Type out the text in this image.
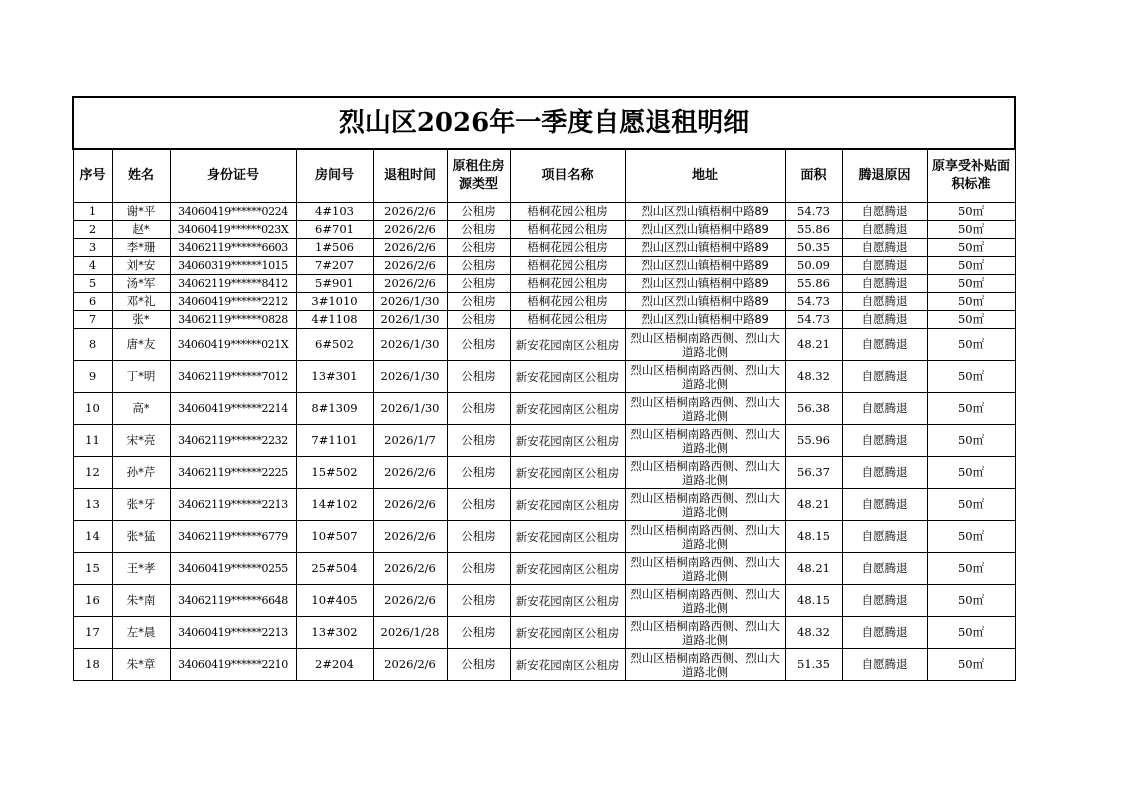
烈山区2026年一季度自愿退租明细										
序号	姓名	身份证号	房间号	退租时间	原租住房源类型	项目名称	地址	面积	腾退原因	原享受补贴面积标准
1	谢*平	34060419******0224	4#103	2026/2/6	公租房	梧桐花园公租房	烈山区烈山镇梧桐中路89	54.73	自愿腾退	50㎡
2	赵*	34060419******023X	6#701	2026/2/6	公租房	梧桐花园公租房	烈山区烈山镇梧桐中路89	55.86	自愿腾退	50㎡
3	李*珊	34062119******6603	1#506	2026/2/6	公租房	梧桐花园公租房	烈山区烈山镇梧桐中路89	50.35	自愿腾退	50㎡
4	刘*安	34060319******1015	7#207	2026/2/6	公租房	梧桐花园公租房	烈山区烈山镇梧桐中路89	50.09	自愿腾退	50㎡
5	汤*军	34062119******8412	5#901	2026/2/6	公租房	梧桐花园公租房	烈山区烈山镇梧桐中路89	55.86	自愿腾退	50㎡
6	邓*礼	34060419******2212	3#1010	2026/1/30	公租房	梧桐花园公租房	烈山区烈山镇梧桐中路89	54.73	自愿腾退	50㎡
7	张*	34062119******0828	4#1108	2026/1/30	公租房	梧桐花园公租房	烈山区烈山镇梧桐中路89	54.73	自愿腾退	50㎡
8	唐*友	34060419******021X	6#502	2026/1/30	公租房	新安花园南区公租房	烈山区梧桐南路西侧、烈山大道路北侧	48.21	自愿腾退	50㎡
9	丁*明	34062119******7012	13#301	2026/1/30	公租房	新安花园南区公租房	烈山区梧桐南路西侧、烈山大道路北侧	48.32	自愿腾退	50㎡
10	高*	34060419******2214	8#1309	2026/1/30	公租房	新安花园南区公租房	烈山区梧桐南路西侧、烈山大道路北侧	56.38	自愿腾退	50㎡
11	宋*亮	34062119******2232	7#1101	2026/1/7	公租房	新安花园南区公租房	烈山区梧桐南路西侧、烈山大道路北侧	55.96	自愿腾退	50㎡
12	孙*芹	34062119******2225	15#502	2026/2/6	公租房	新安花园南区公租房	烈山区梧桐南路西侧、烈山大道路北侧	56.37	自愿腾退	50㎡
13	张*牙	34062119******2213	14#102	2026/2/6	公租房	新安花园南区公租房	烈山区梧桐南路西侧、烈山大道路北侧	48.21	自愿腾退	50㎡
14	张*猛	34062119******6779	10#507	2026/2/6	公租房	新安花园南区公租房	烈山区梧桐南路西侧、烈山大道路北侧	48.15	自愿腾退	50㎡
15	王*孝	34060419******0255	25#504	2026/2/6	公租房	新安花园南区公租房	烈山区梧桐南路西侧、烈山大道路北侧	48.21	自愿腾退	50㎡
16	朱*南	34062119******6648	10#405	2026/2/6	公租房	新安花园南区公租房	烈山区梧桐南路西侧、烈山大道路北侧	48.15	自愿腾退	50㎡
17	左*晨	34060419******2213	13#302	2026/1/28	公租房	新安花园南区公租房	烈山区梧桐南路西侧、烈山大道路北侧	48.32	自愿腾退	50㎡
18	朱*章	34060419******2210	2#204	2026/2/6	公租房	新安花园南区公租房	烈山区梧桐南路西侧、烈山大道路北侧	51.35	自愿腾退	50㎡
